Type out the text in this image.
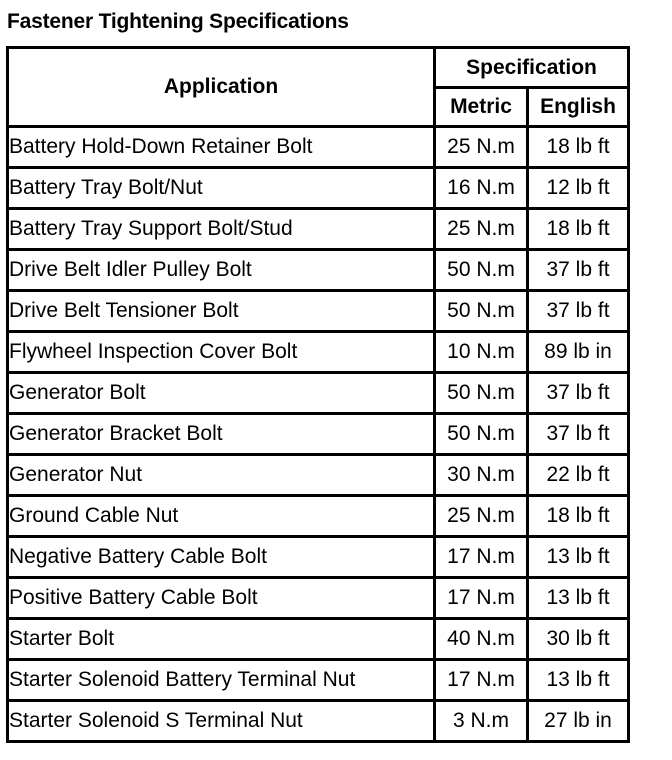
Fastener Tightening Specifications
Application	Specification	
	Metric	English
Battery Hold-Down Retainer Bolt	25 N.m	18 lb ft
Battery Tray Bolt/Nut	16 N.m	12 lb ft
Battery Tray Support Bolt/Stud	25 N.m	18 lb ft
Drive Belt Idler Pulley Bolt	50 N.m	37 lb ft
Drive Belt Tensioner Bolt	50 N.m	37 lb ft
Flywheel Inspection Cover Bolt	10 N.m	89 lb in
Generator Bolt	50 N.m	37 lb ft
Generator Bracket Bolt	50 N.m	37 lb ft
Generator Nut	30 N.m	22 lb ft
Ground Cable Nut	25 N.m	18 lb ft
Negative Battery Cable Bolt	17 N.m	13 lb ft
Positive Battery Cable Bolt	17 N.m	13 lb ft
Starter Bolt	40 N.m	30 lb ft
Starter Solenoid Battery Terminal Nut	17 N.m	13 lb ft
Starter Solenoid S Terminal Nut	3 N.m	27 lb in
